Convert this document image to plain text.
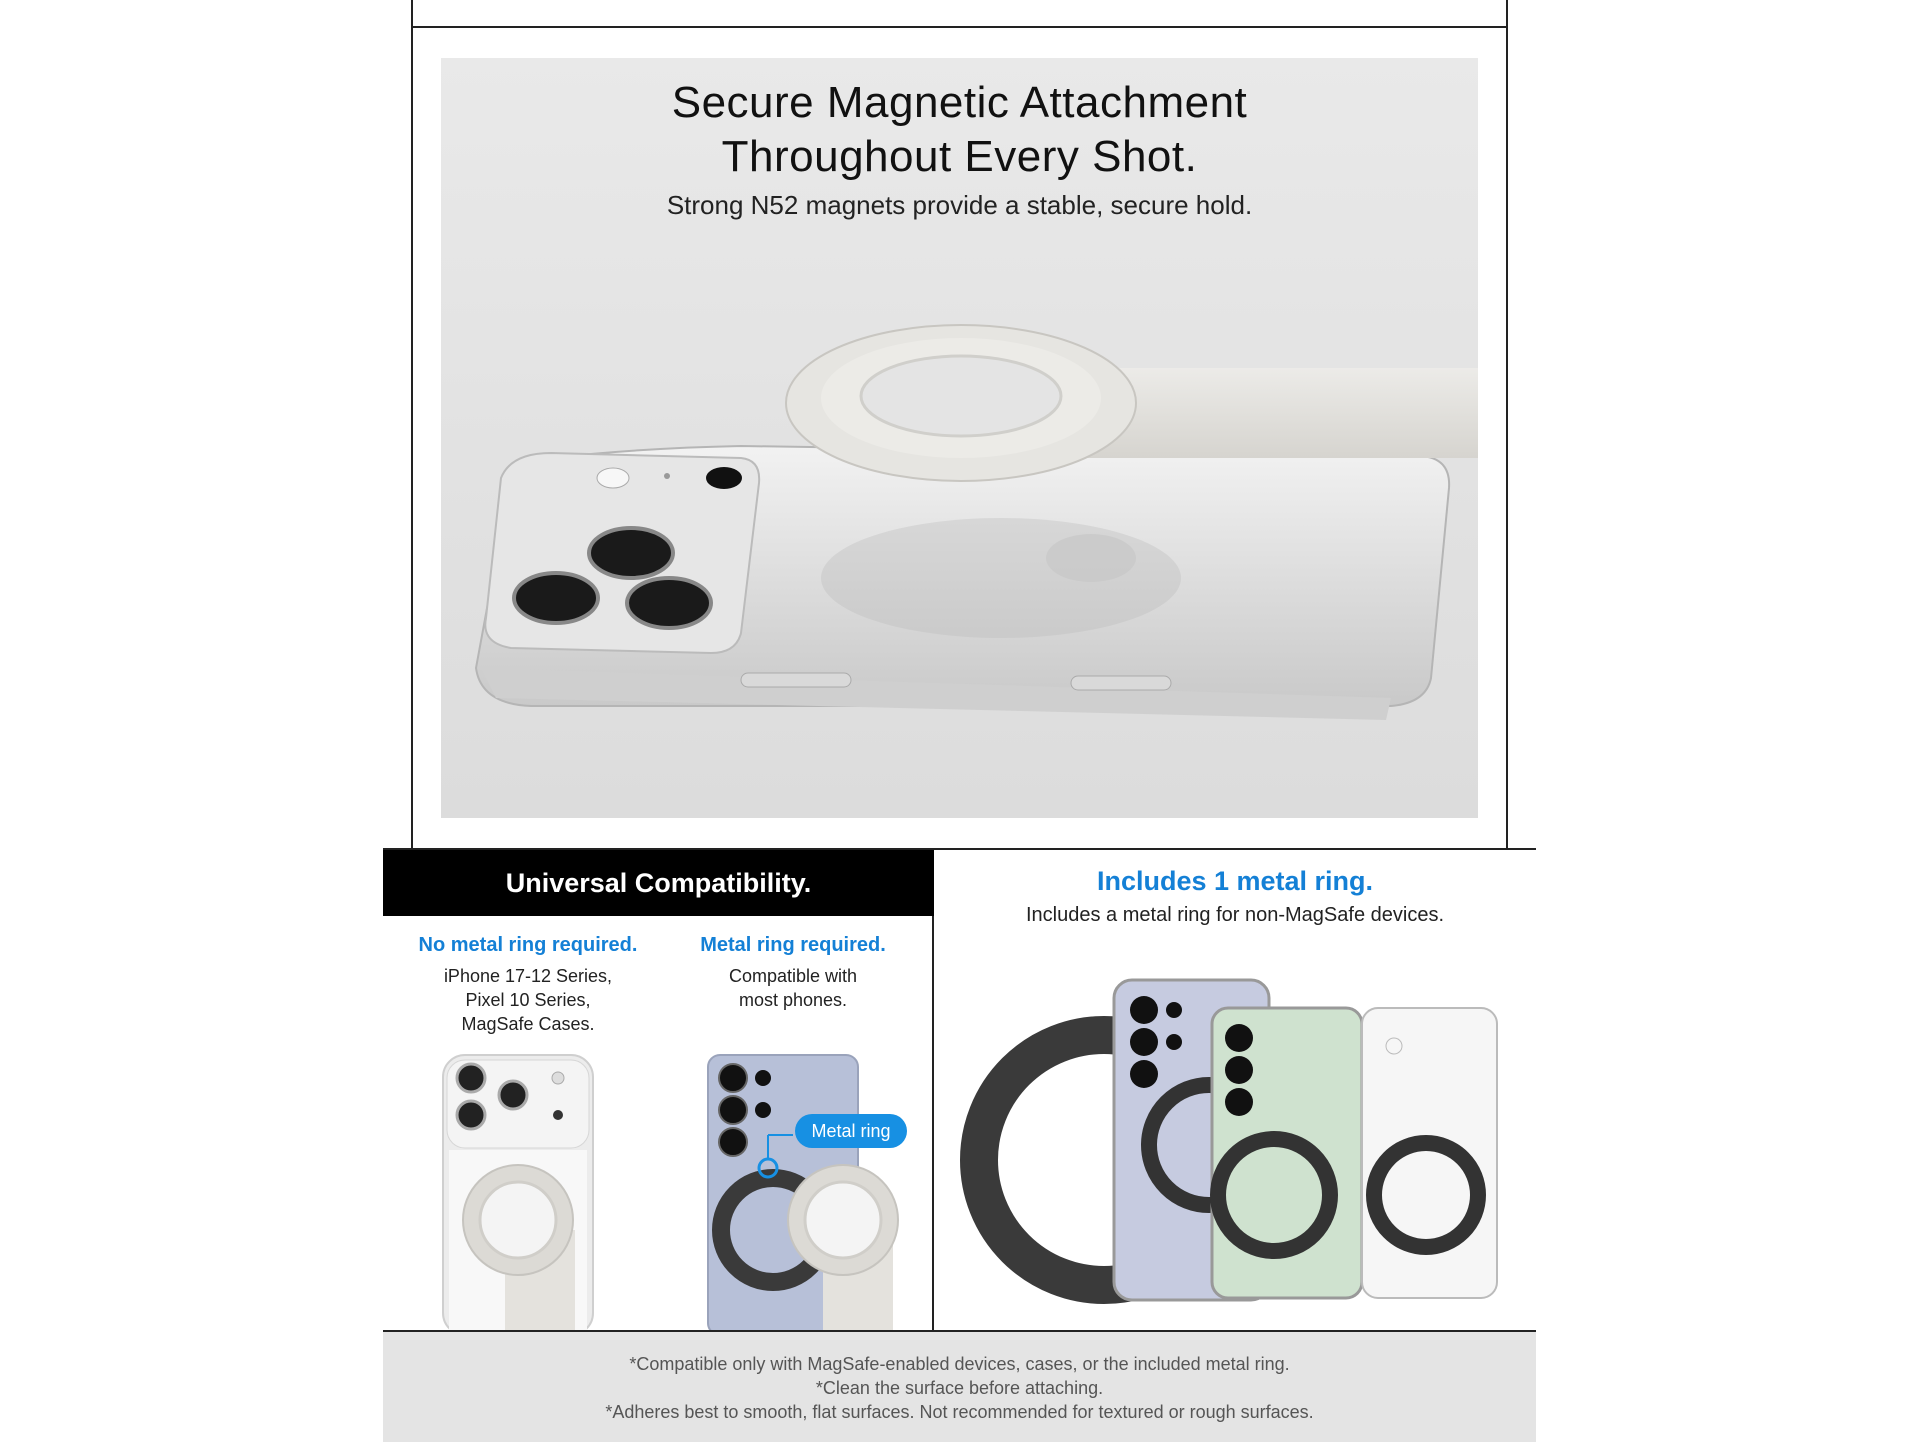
Secure Magnetic Attachment
Throughout Every Shot.
Strong N52 magnets provide a stable, secure hold.
Universal Compatibility.
No metal ring required.
iPhone 17-12 Series,
Pixel 10 Series,
MagSafe Cases.
Metal ring required.
Compatible with
most phones.
Metal ring
Includes 1 metal ring.
Includes a metal ring for non-MagSafe devices.

*Compatible only with MagSafe-enabled devices, cases, or the included metal ring.

*Clean the surface before attaching.

*Adheres best to smooth, flat surfaces. Not recommended for textured or rough surfaces.
